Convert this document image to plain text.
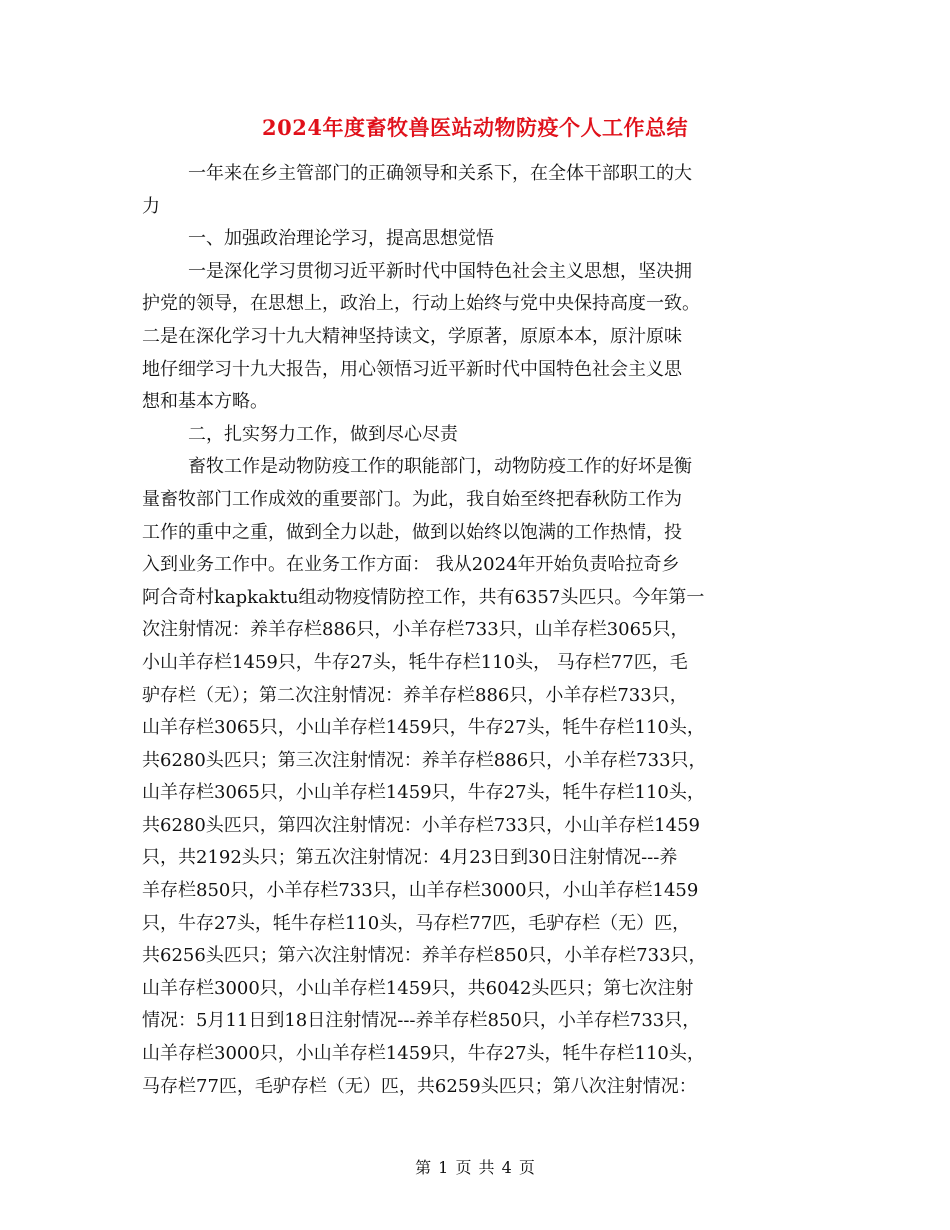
2024年度畜牧兽医站动物防疫个人工作总结
一年来在乡主管部门的正确领导和关系下，在全体干部职工的大
力
一、加强政治理论学习，提高思想觉悟
一是深化学习贯彻习近平新时代中国特色社会主义思想，坚决拥
护党的领导，在思想上，政治上，行动上始终与党中央保持高度一致。
二是在深化学习十九大精神坚持读文，学原著，原原本本，原汁原味
地仔细学习十九大报告，用心领悟习近平新时代中国特色社会主义思
想和基本方略。
二，扎实努力工作，做到尽心尽责
畜牧工作是动物防疫工作的职能部门，动物防疫工作的好坏是衡
量畜牧部门工作成效的重要部门。为此，我自始至终把春秋防工作为
工作的重中之重，做到全力以赴，做到以始终以饱满的工作热情，投
入到业务工作中。在业务工作方面： 我从2024年开始负责哈拉奇乡
阿合奇村kapkaktu组动物疫情防控工作，共有6357头匹只。今年第一
次注射情况：养羊存栏886只，小羊存栏733只，山羊存栏3065只，
小山羊存栏1459只，牛存27头，牦牛存栏110头， 马存栏77匹，毛
驴存栏（无）；第二次注射情况：养羊存栏886只，小羊存栏733只，
山羊存栏3065只，小山羊存栏1459只，牛存27头，牦牛存栏110头，
共6280头匹只；第三次注射情况：养羊存栏886只，小羊存栏733只，
山羊存栏3065只，小山羊存栏1459只，牛存27头，牦牛存栏110头，
共6280头匹只，第四次注射情况：小羊存栏733只，小山羊存栏1459
只，共2192头只；第五次注射情况：4月23日到30日注射情况---养
羊存栏850只，小羊存栏733只，山羊存栏3000只，小山羊存栏1459
只，牛存27头，牦牛存栏110头，马存栏77匹，毛驴存栏（无）匹，
共6256头匹只；第六次注射情况：养羊存栏850只，小羊存栏733只，
山羊存栏3000只，小山羊存栏1459只，共6042头匹只；第七次注射
情况：5月11日到18日注射情况---养羊存栏850只，小羊存栏733只，
山羊存栏3000只，小山羊存栏1459只，牛存27头，牦牛存栏110头，
马存栏77匹，毛驴存栏（无）匹，共6259头匹只；第八次注射情况：
第 1 页 共 4 页
